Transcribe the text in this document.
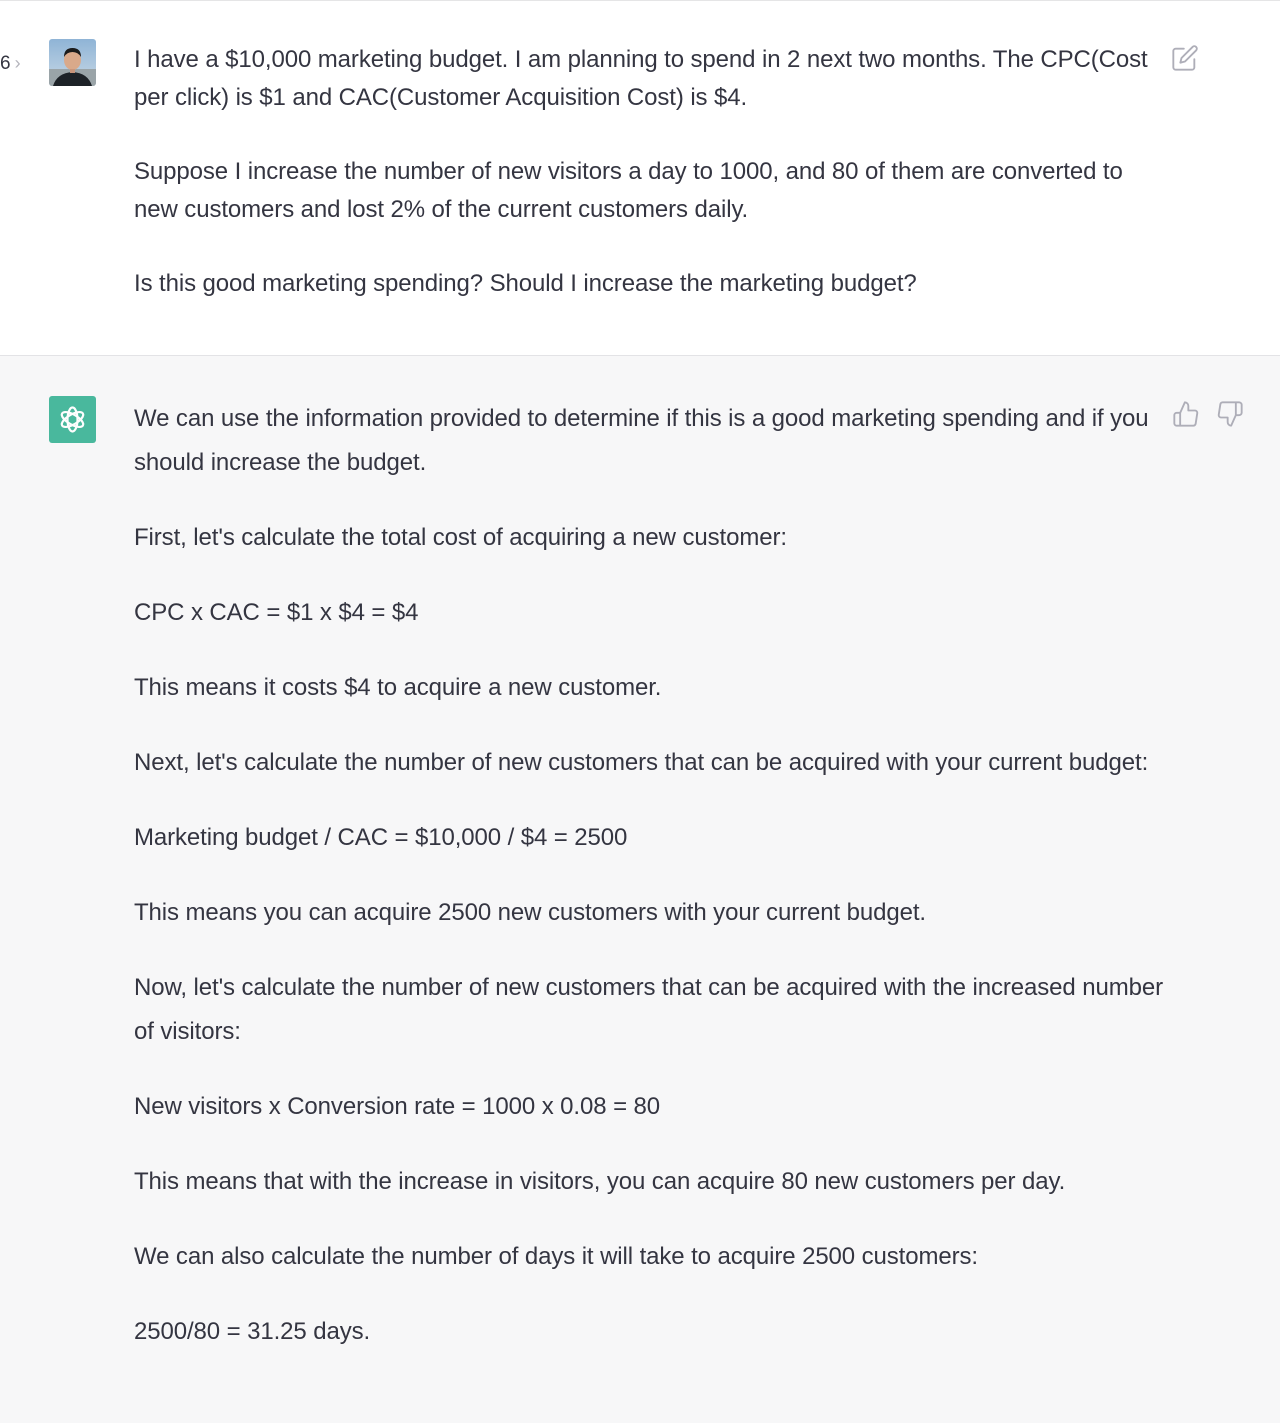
6 ›	I have a $10,000 marketing budget. I am planning to spend in 2 next two months. The CPC(Cost per click) is $1 and CAC(Customer Acquisition Cost) is $4.

Suppose I increase the number of new visitors a day to 1000, and 80 of them are converted to new customers and lost 2% of the current customers daily.

Is this good marketing spending? Should I increase the marketing budget?

We can use the information provided to determine if this is a good marketing spending and if you should increase the budget.

First, let's calculate the total cost of acquiring a new customer:

CPC x CAC = $1 x $4 = $4

This means it costs $4 to acquire a new customer.

Next, let's calculate the number of new customers that can be acquired with your current budget:

Marketing budget / CAC = $10,000 / $4 = 2500

This means you can acquire 2500 new customers with your current budget.

Now, let's calculate the number of new customers that can be acquired with the increased number of visitors:

New visitors x Conversion rate = 1000 x 0.08 = 80

This means that with the increase in visitors, you can acquire 80 new customers per day.

We can also calculate the number of days it will take to acquire 2500 customers:

2500/80 = 31.25 days.
